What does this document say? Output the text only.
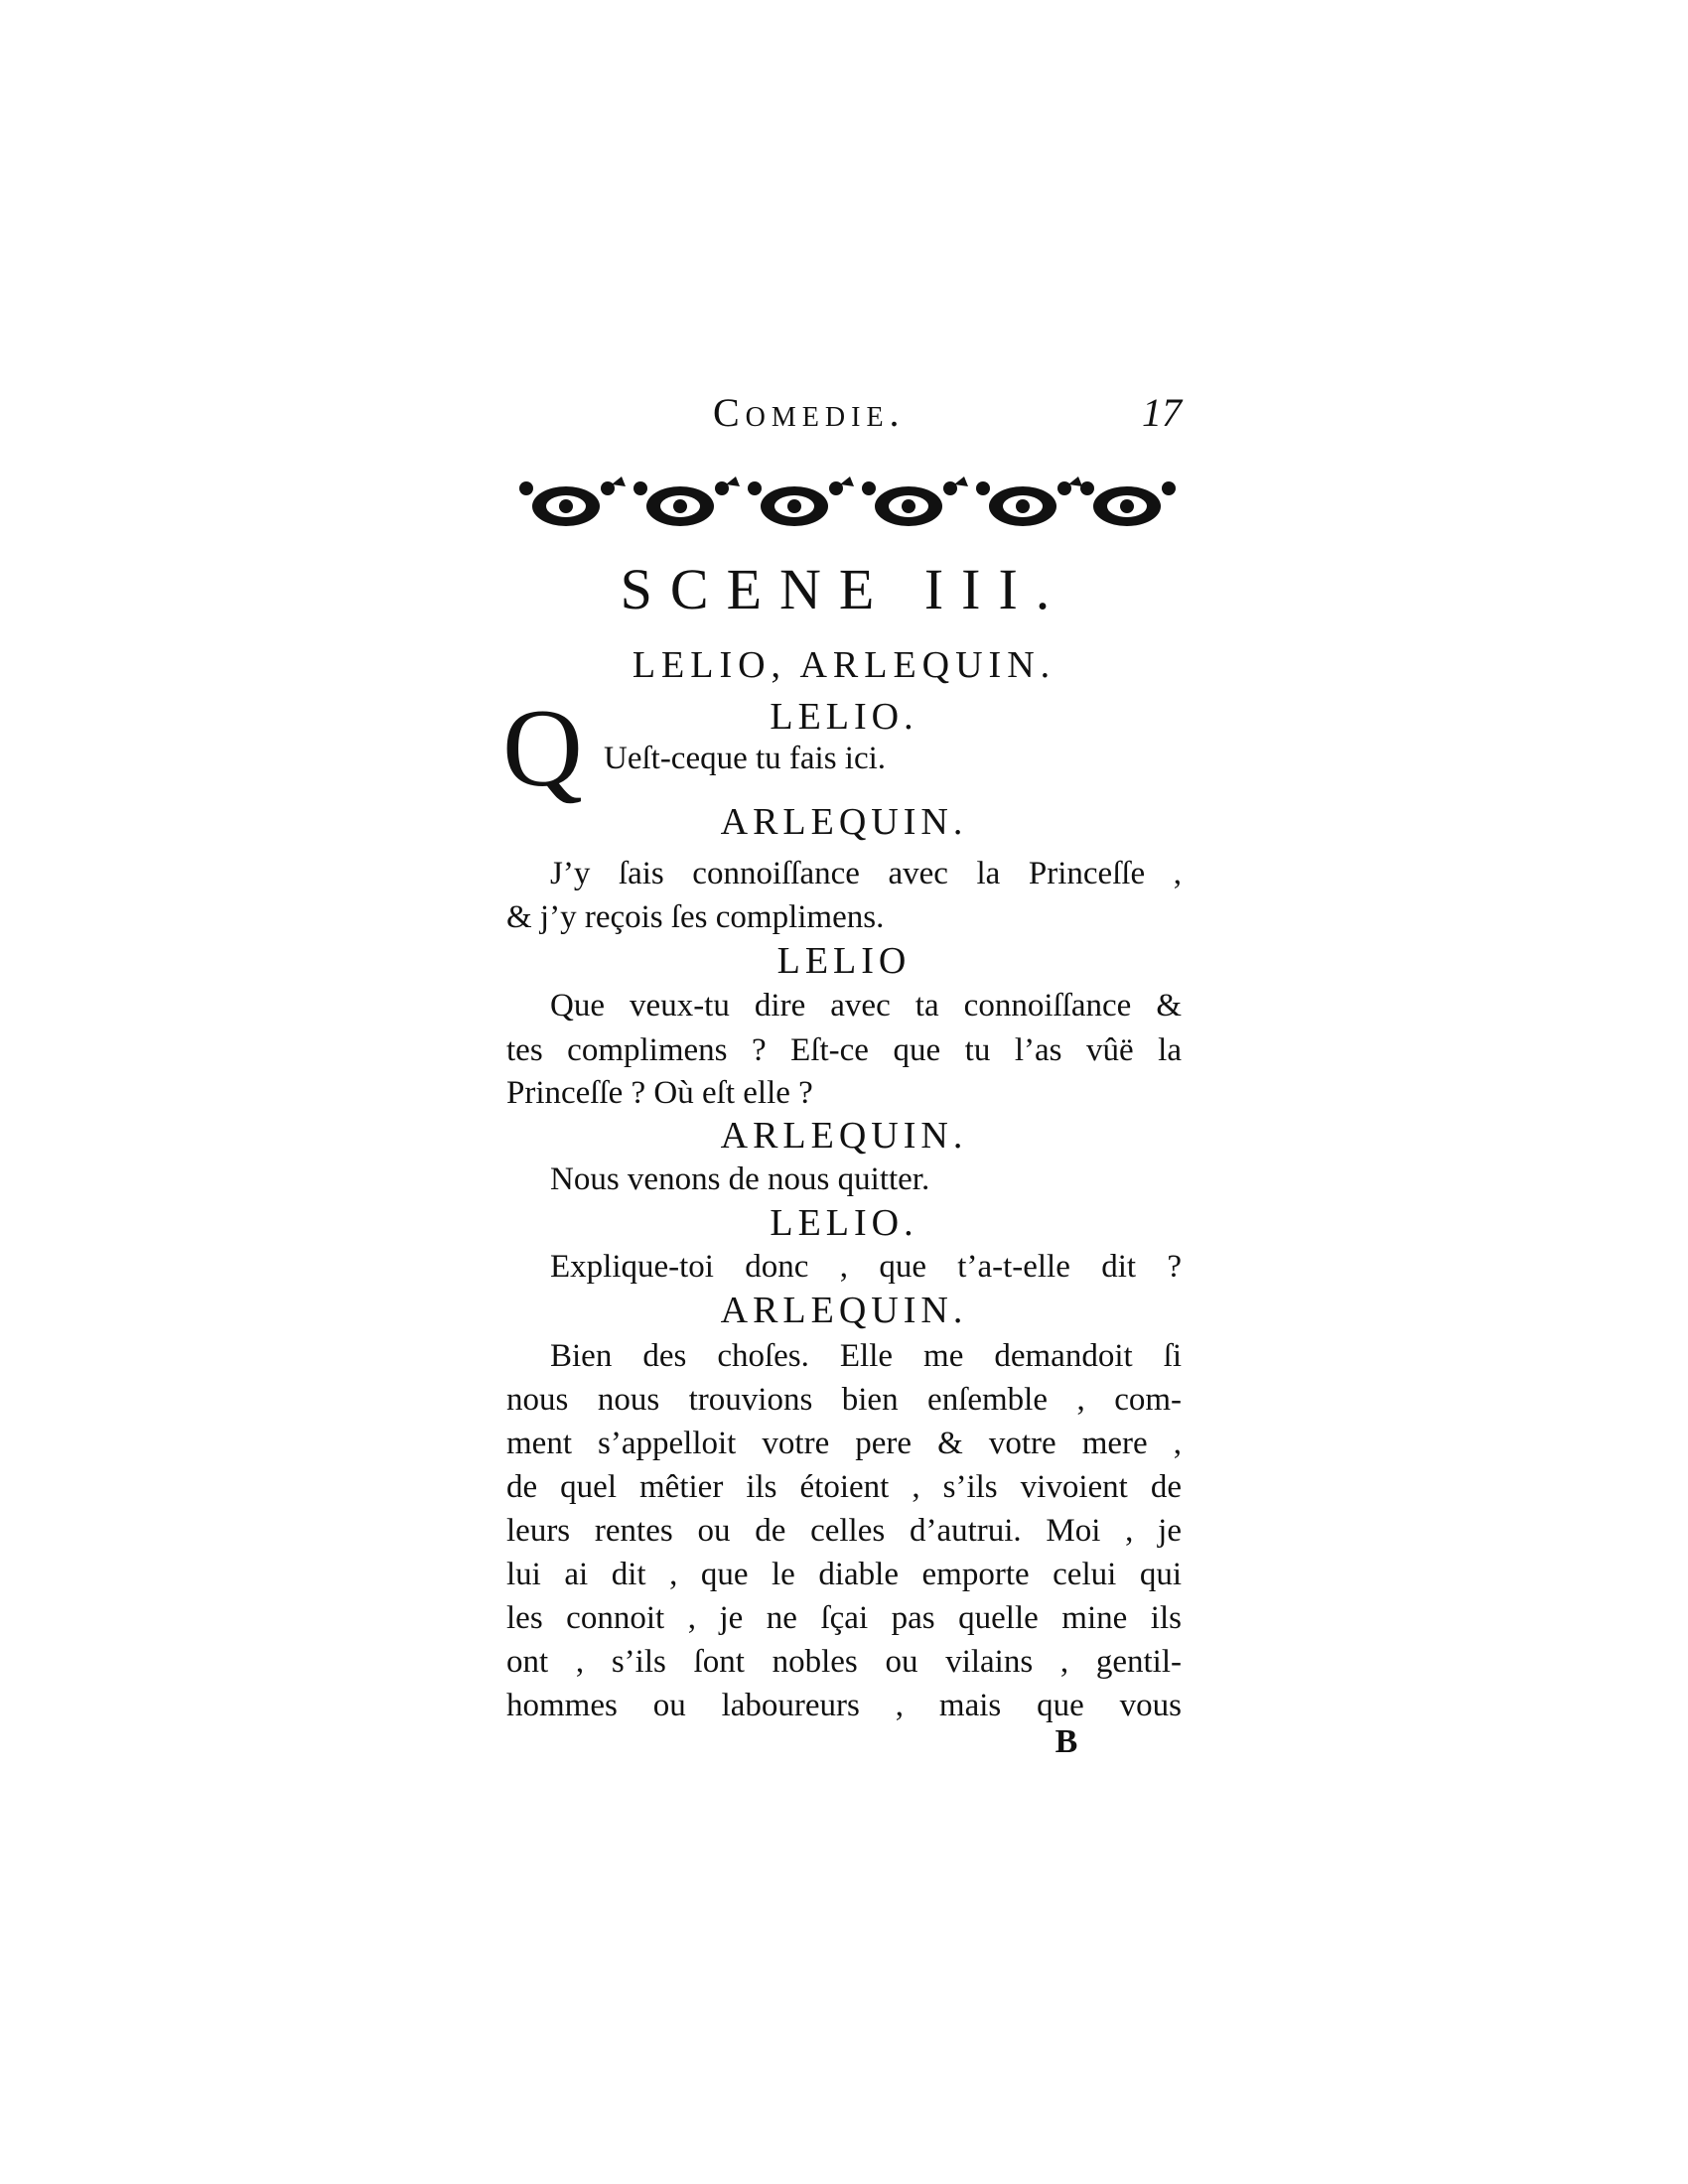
Comedie.	17
SCENE III.
LELIO, ARLEQUIN.
LELIO.
Q Ueſt-ceque tu fais ici.
ARLEQUIN.
J’y ſais connoiſſance avec la Princeſſe ,
& j’y reçois ſes complimens.
LELIO
Que veux-tu dire avec ta connoiſſance &
tes complimens ? Eſt-ce que tu l’as vûë la
Princeſſe ? Où eſt elle ?
ARLEQUIN.
Nous venons de nous quitter.
LELIO.
Explique-toi donc , que t’a-t-elle dit ?
ARLEQUIN.
Bien des choſes. Elle me demandoit ſi
nous nous trouvions bien enſemble , com-
ment s’appelloit votre pere & votre mere ,
de quel mêtier ils étoient , s’ils vivoient de
leurs rentes ou de celles d’autrui. Moi , je
lui ai dit , que le diable emporte celui qui
les connoit , je ne ſçai pas quelle mine ils
ont , s’ils ſont nobles ou vilains , gentil-
hommes ou laboureurs , mais que vous
B
